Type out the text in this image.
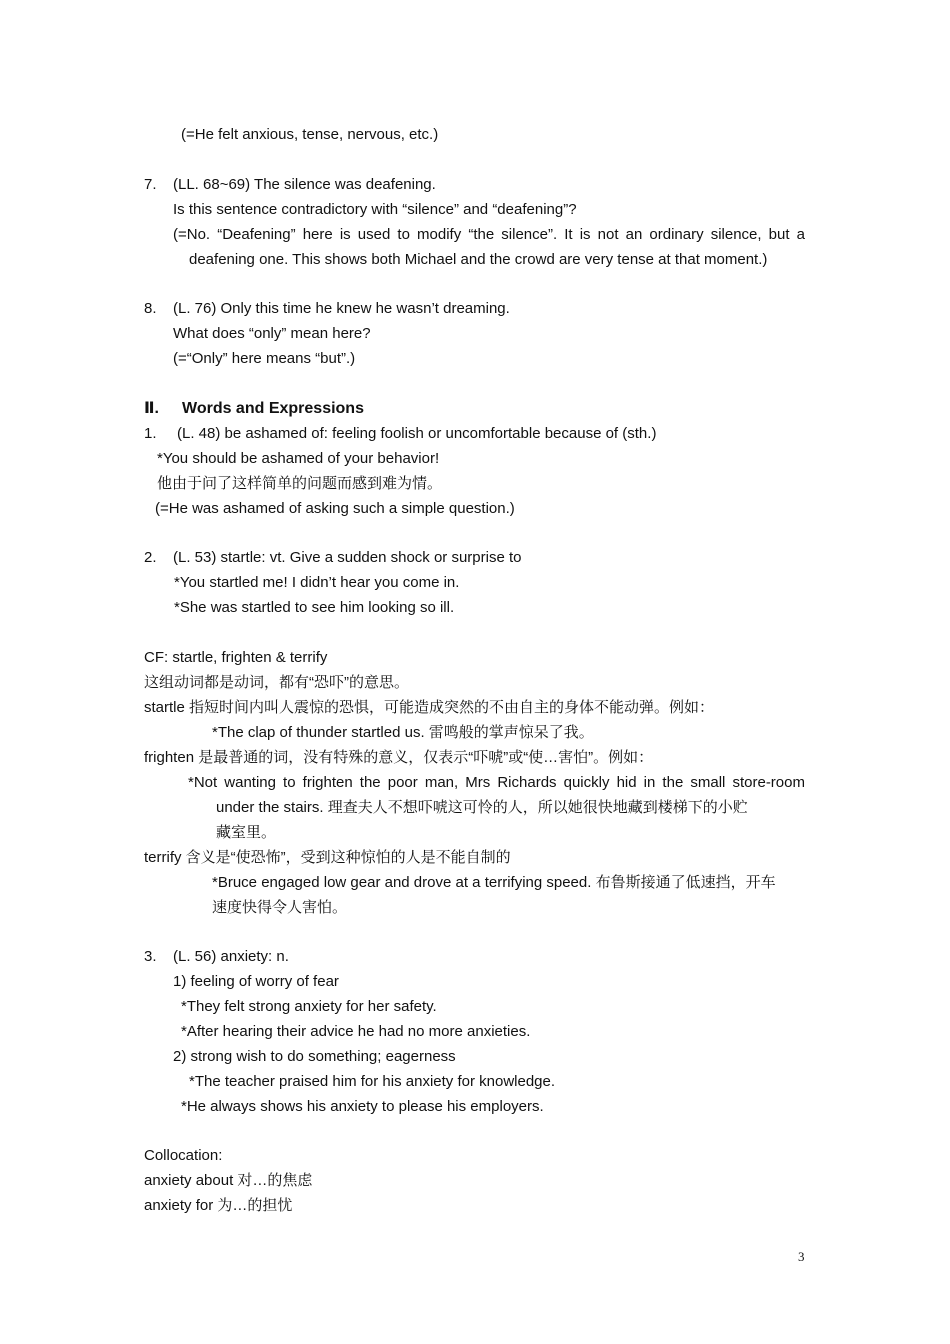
(=He felt anxious, tense, nervous, etc.)
7. (LL. 68~69) The silence was deafening.
Is this sentence contradictory with “silence” and “deafening”?
(=No. “Deafening” here is used to modify “the silence”. It is not an ordinary silence, but a
deafening one. This shows both Michael and the crowd are very tense at that moment.)
8. (L. 76) Only this time he knew he wasn’t dreaming.
What does “only” mean here?
(=“Only” here means “but”.)
Ⅱ. Words and Expressions
1. (L. 48) be ashamed of: feeling foolish or uncomfortable because of (sth.)
*You should be ashamed of your behavior!
他由于问了这样简单的问题而感到难为情。
(=He was ashamed of asking such a simple question.)
2. (L. 53) startle: vt. Give a sudden shock or surprise to
*You startled me! I didn’t hear you come in.
*She was startled to see him looking so ill.
CF: startle, frighten & terrify
这组动词都是动词，都有“恐吓”的意思。
startle 指短时间内叫人震惊的恐惧，可能造成突然的不由自主的身体不能动弹。例如：
*The clap of thunder startled us. 雷鸣般的掌声惊呆了我。
frighten 是最普通的词，没有特殊的意义，仅表示“吓唬”或“使…害怕”。例如：
*Not wanting to frighten the poor man, Mrs Richards quickly hid in the small store-room
under the stairs. 理查夫人不想吓唬这可怜的人，所以她很快地藏到楼梯下的小贮
藏室里。
terrify 含义是“使恐怖”，受到这种惊怕的人是不能自制的
*Bruce engaged low gear and drove at a terrifying speed. 布鲁斯接通了低速挡，开车
速度快得令人害怕。
3. (L. 56) anxiety: n.
1) feeling of worry of fear
*They felt strong anxiety for her safety.
*After hearing their advice he had no more anxieties.
2) strong wish to do something; eagerness
*The teacher praised him for his anxiety for knowledge.
*He always shows his anxiety to please his employers.
Collocation:
anxiety about 对…的焦虑
anxiety for 为…的担忧
3
